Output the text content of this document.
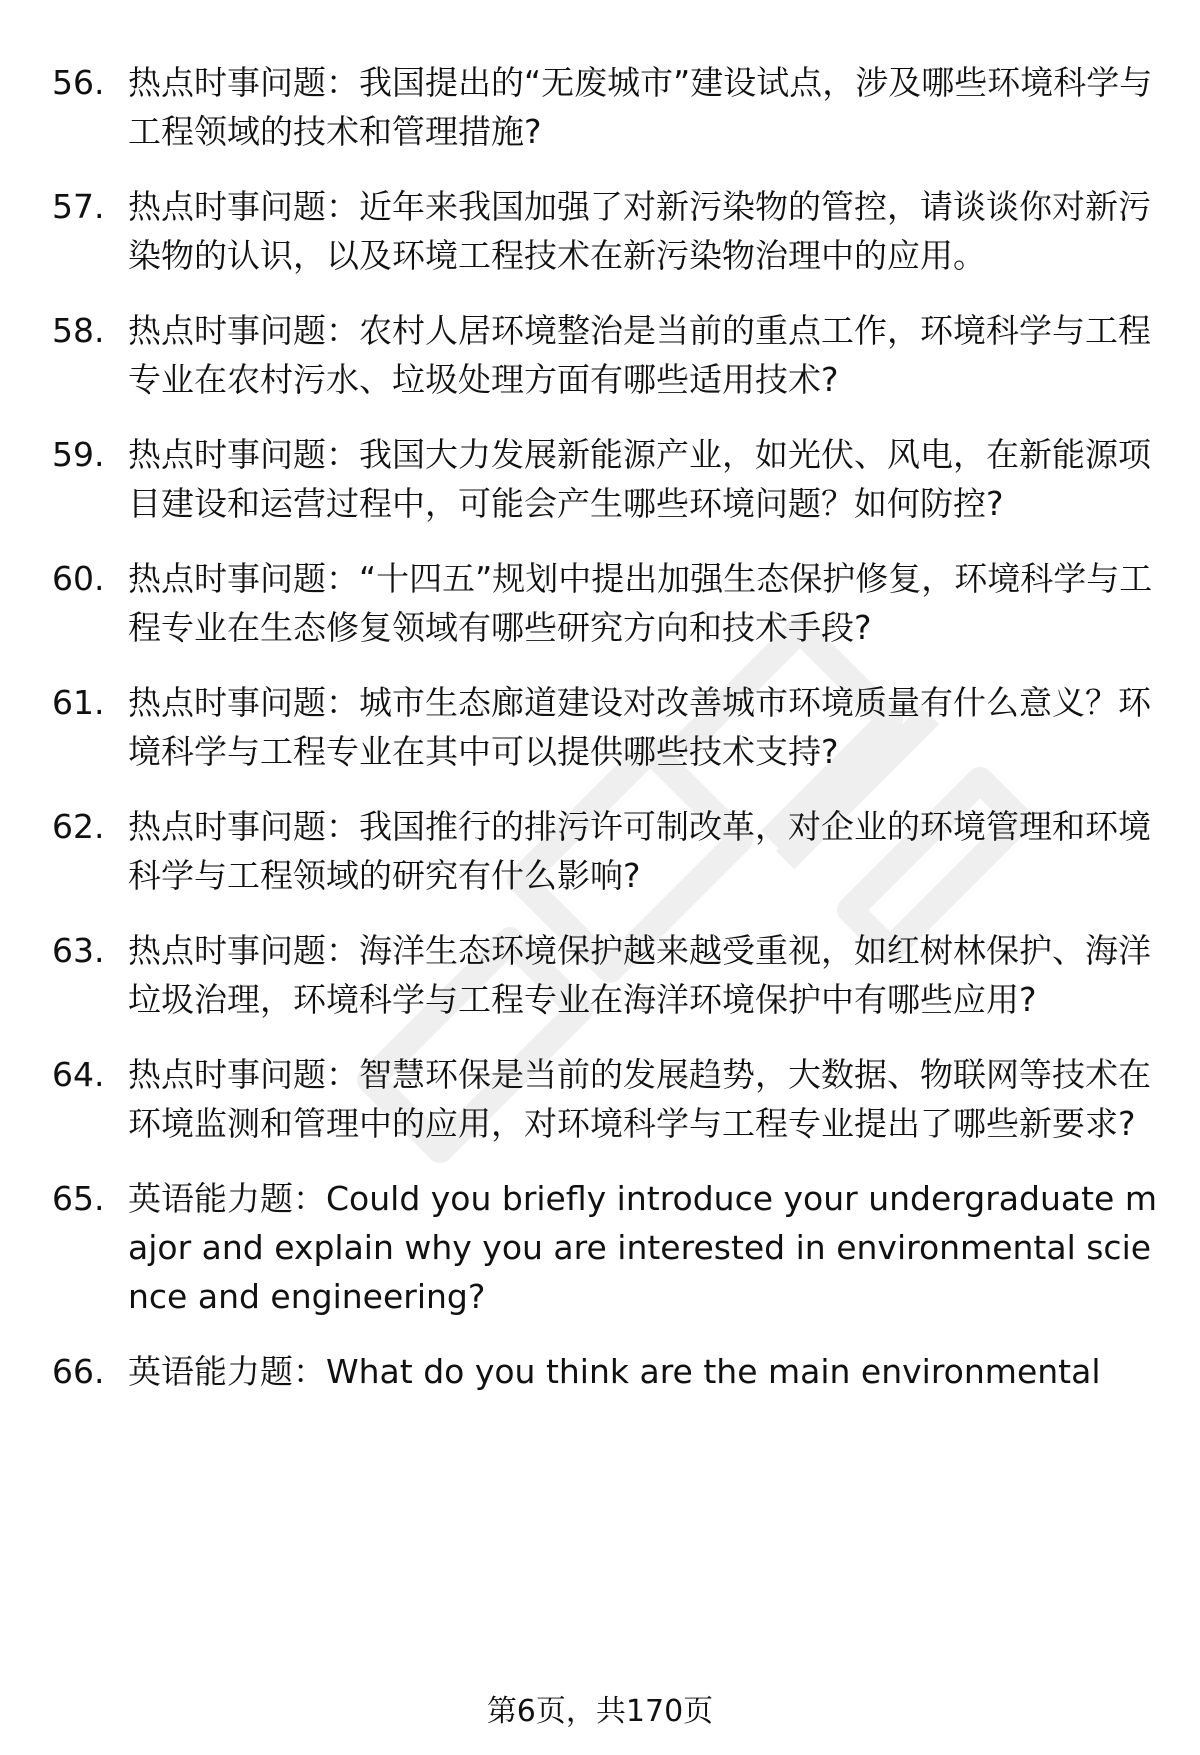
56. 热点时事问题：我国提出的“无废城市”建设试点，涉及哪些环境科学与工程领域的技术和管理措施?
57. 热点时事问题：近年来我国加强了对新污染物的管控，请谈谈你对新污染物的认识，以及环境工程技术在新污染物治理中的应用。
58. 热点时事问题：农村人居环境整治是当前的重点工作，环境科学与工程专业在农村污水、垃圾处理方面有哪些适用技术?
59. 热点时事问题：我国大力发展新能源产业，如光伏、风电，在新能源项目建设和运营过程中，可能会产生哪些环境问题？如何防控?
60. 热点时事问题：“十四五”规划中提出加强生态保护修复，环境科学与工程专业在生态修复领域有哪些研究方向和技术手段?
61. 热点时事问题：城市生态廊道建设对改善城市环境质量有什么意义？环境科学与工程专业在其中可以提供哪些技术支持?
62. 热点时事问题：我国推行的排污许可制改革，对企业的环境管理和环境科学与工程领域的研究有什么影响?
63. 热点时事问题：海洋生态环境保护越来越受重视，如红树林保护、海洋垃圾治理，环境科学与工程专业在海洋环境保护中有哪些应用?
64. 热点时事问题：智慧环保是当前的发展趋势，大数据、物联网等技术在环境监测和管理中的应用，对环境科学与工程专业提出了哪些新要求?
65. 英语能力题：Could you briefly introduce your undergraduate major and explain why you are interested in environmental science and engineering?
66. 英语能力题：What do you think are the main environmental
第6页，共170页
